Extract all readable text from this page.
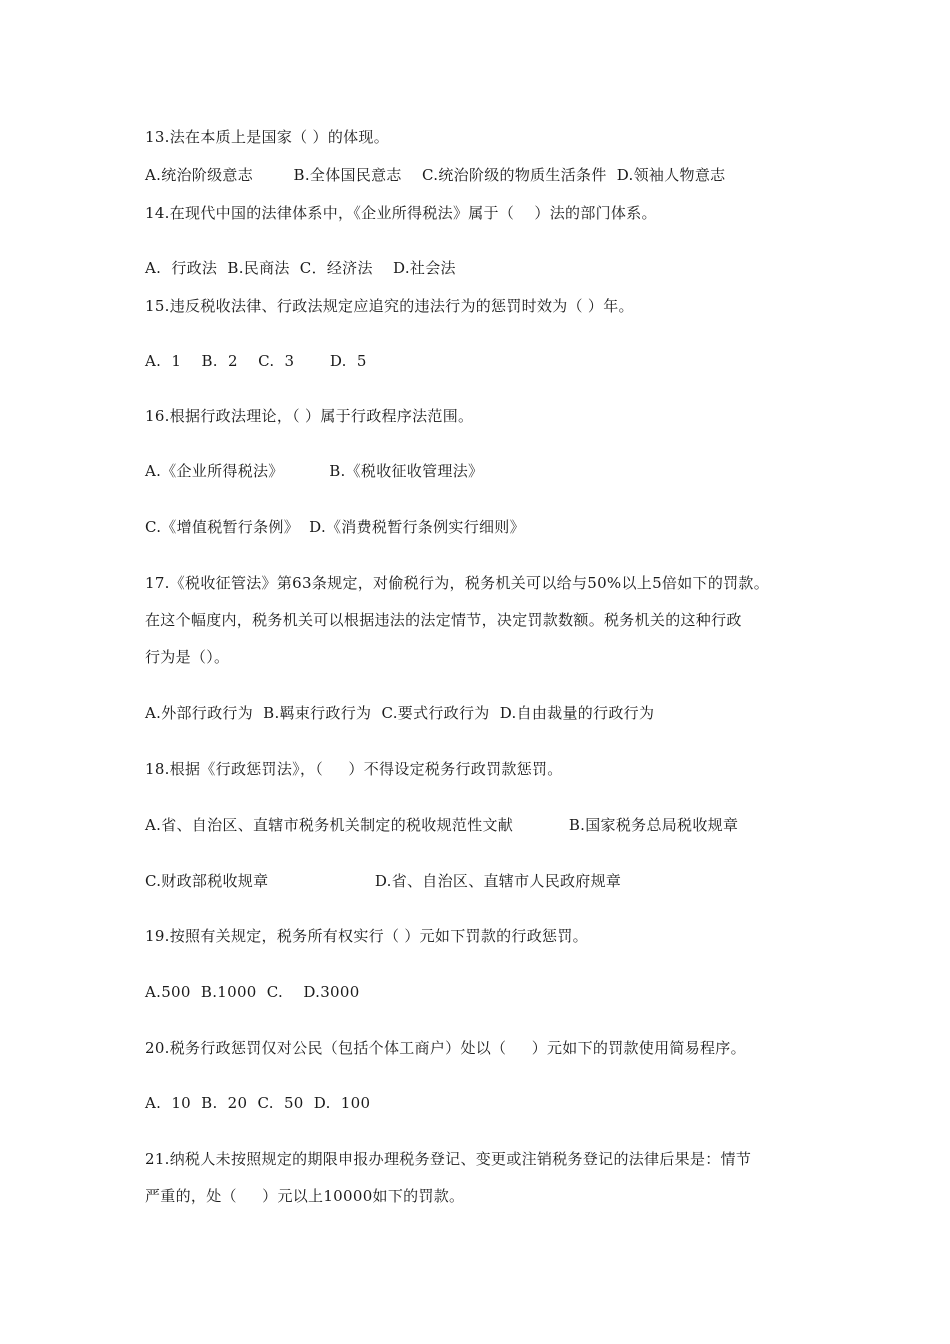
13.法在本质上是国家（ ）的体现。
A.统治阶级意志        B.全体国民意志    C.统治阶级的物质生活条件  D.领袖人物意志
14.在现代中国的法律体系中，《企业所得税法》属于（    ）法的部门体系。
A.  行政法  B.民商法  C．经济法    D.社会法
15.违反税收法律、行政法规定应追究的违法行为的惩罚时效为（ ）年。
A.  1    B.  2    C.  3       D.  5
16.根据行政法理论，（ ）属于行政程序法范围。
A.《企业所得税法》         B.《税收征收管理法》
C.《增值税暂行条例》  D.《消费税暂行条例实行细则》
17.《税收征管法》第63条规定，对偷税行为，税务机关可以给与50%以上5倍如下的罚款。
在这个幅度内，税务机关可以根据违法的法定情节，决定罚款数额。税务机关的这种行政
行为是（）。
A.外部行政行为  B.羁束行政行为  C.要式行政行为  D.自由裁量的行政行为
18.根据《行政惩罚法》，（     ）不得设定税务行政罚款惩罚。
A.省、自治区、直辖市税务机关制定的税收规范性文献           B.国家税务总局税收规章
C.财政部税收规章                     D.省、自治区、直辖市人民政府规章
19.按照有关规定，税务所有权实行（ ）元如下罚款的行政惩罚。
A.500  B.1000  C.    D.3000
20.税务行政惩罚仅对公民（包括个体工商户）处以（     ）元如下的罚款使用简易程序。
A.  10  B.  20  C.  50  D.  100
21.纳税人未按照规定的期限申报办理税务登记、变更或注销税务登记的法律后果是：情节
严重的，处（     ）元以上10000如下的罚款。
